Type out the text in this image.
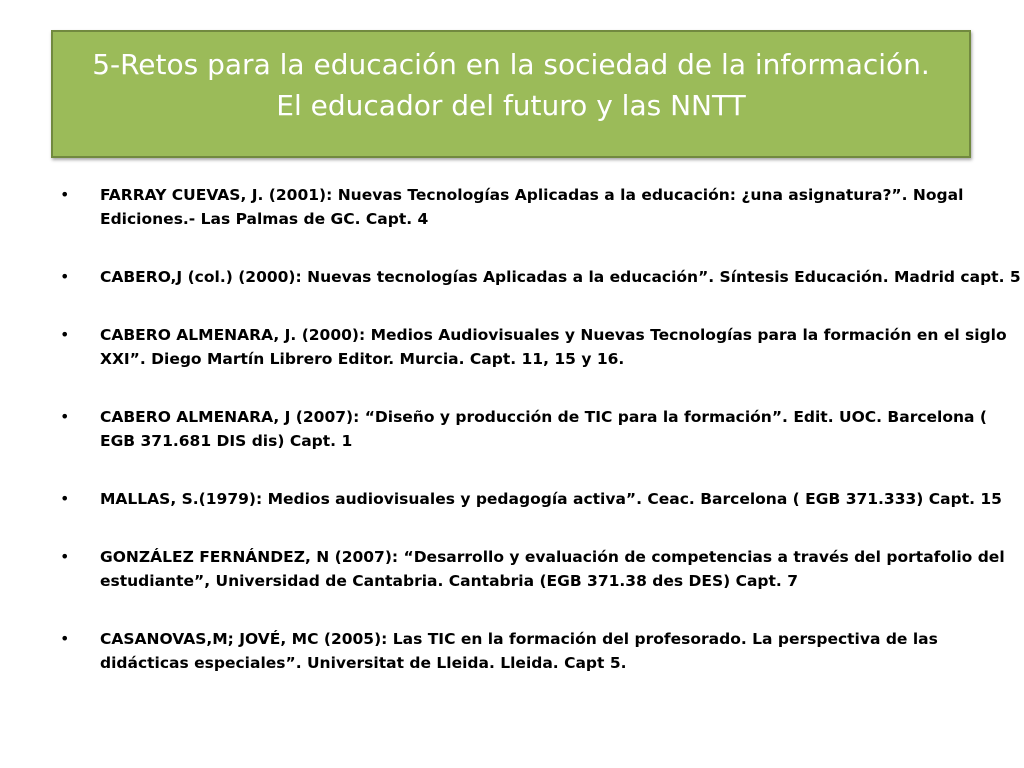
5-Retos para la educación en la sociedad de la información.
El educador del futuro y las NNTT
• FARRAY CUEVAS, J. (2001): Nuevas Tecnologías Aplicadas a la educación: ¿una asignatura?”. Nogal
Ediciones.- Las Palmas de GC. Capt. 4
• CABERO,J (col.) (2000): Nuevas tecnologías Aplicadas a la educación”. Síntesis Educación. Madrid capt. 5
• CABERO ALMENARA, J. (2000): Medios Audiovisuales y Nuevas Tecnologías para la formación en el siglo
XXI”. Diego Martín Librero Editor. Murcia. Capt. 11, 15 y 16.
• CABERO ALMENARA, J (2007): “Diseño y producción de TIC para la formación”. Edit. UOC. Barcelona (
EGB 371.681 DIS dis) Capt. 1
• MALLAS, S.(1979): Medios audiovisuales y pedagogía activa”. Ceac. Barcelona ( EGB 371.333) Capt. 15
• GONZÁLEZ FERNÁNDEZ, N (2007): “Desarrollo y evaluación de competencias a través del portafolio del
estudiante”, Universidad de Cantabria. Cantabria (EGB 371.38 des DES) Capt. 7
• CASANOVAS,M; JOVÉ, MC (2005): Las TIC en la formación del profesorado. La perspectiva de las
didácticas especiales”. Universitat de Lleida. Lleida. Capt 5.
